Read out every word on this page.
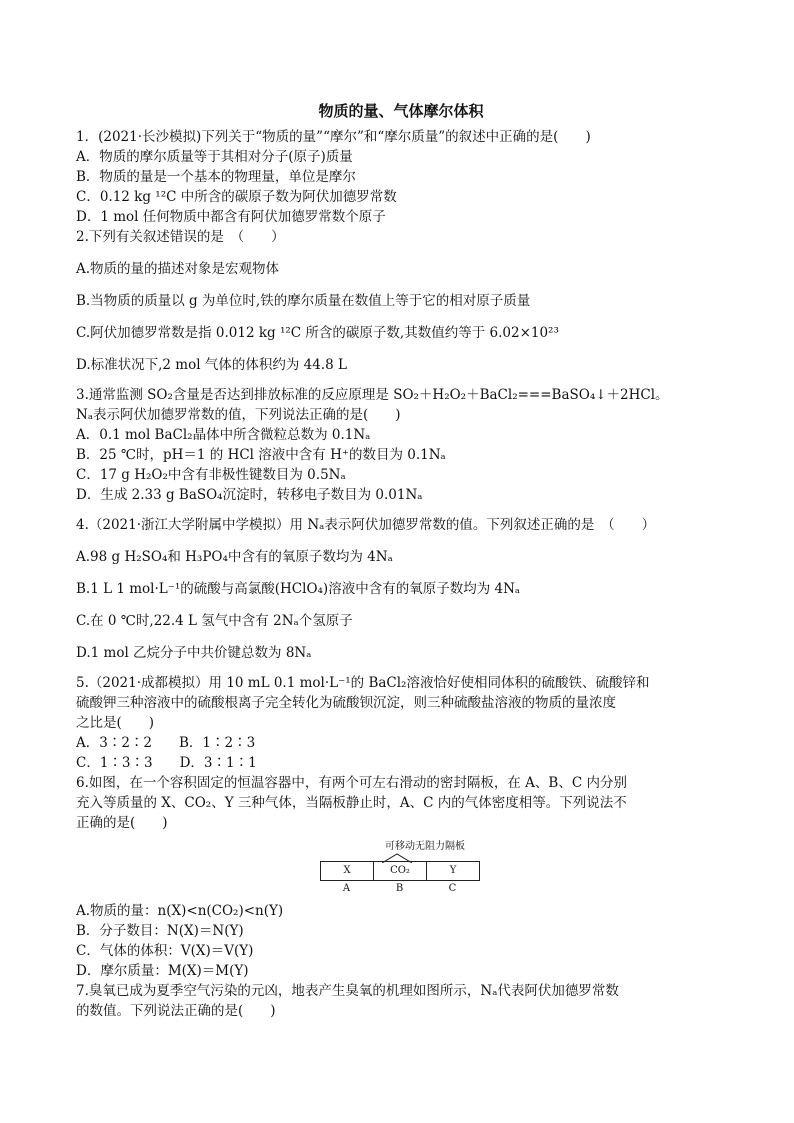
物质的量、气体摩尔体积
1．(2021·长沙模拟)下列关于“物质的量”“摩尔”和“摩尔质量”的叙述中正确的是(　　)
A．物质的摩尔质量等于其相对分子(原子)质量
B．物质的量是一个基本的物理量，单位是摩尔
C．0.12 kg ¹²C 中所含的碳原子数为阿伏加德罗常数
D．1 mol 任何物质中都含有阿伏加德罗常数个原子
2.下列有关叙述错误的是　（　　）
A.物质的量的描述对象是宏观物体
B.当物质的质量以 g 为单位时,铁的摩尔质量在数值上等于它的相对原子质量
C.阿伏加德罗常数是指 0.012 kg ¹²C 所含的碳原子数,其数值约等于 6.02×10²³
D.标准状况下,2 mol 气体的体积约为 44.8 L
3.通常监测 SO₂含量是否达到排放标准的反应原理是 SO₂＋H₂O₂＋BaCl₂===BaSO₄↓＋2HCl。
Nₐ表示阿伏加德罗常数的值，下列说法正确的是(　　)
A．0.1 mol BaCl₂晶体中所含微粒总数为 0.1Nₐ
B．25 ℃时，pH＝1 的 HCl 溶液中含有 H⁺的数目为 0.1Nₐ
C．17 g H₂O₂中含有非极性键数目为 0.5Nₐ
D．生成 2.33 g BaSO₄沉淀时，转移电子数目为 0.01Nₐ
4.（2021·浙江大学附属中学模拟）用 Nₐ表示阿伏加德罗常数的值。下列叙述正确的是　（　　）
A.98 g H₂SO₄和 H₃PO₄中含有的氧原子数均为 4Nₐ
B.1 L 1 mol·L⁻¹的硫酸与高氯酸(HClO₄)溶液中含有的氧原子数均为 4Nₐ
C.在 0 ℃时,22.4 L 氢气中含有 2Nₐ个氢原子
D.1 mol 乙烷分子中共价键总数为 8Nₐ
5.（2021·成都模拟）用 10 mL 0.1 mol·L⁻¹的 BaCl₂溶液恰好使相同体积的硫酸铁、硫酸锌和
硫酸钾三种溶液中的硫酸根离子完全转化为硫酸钡沉淀，则三种硫酸盐溶液的物质的量浓度
之比是(　　)
A．3∶2∶2　　B．1∶2∶3
C．1∶3∶3　　D．3∶1∶1
6.如图，在一个容积固定的恒温容器中，有两个可左右滑动的密封隔板，在 A、B、C 内分别
充入等质量的 X、CO₂、Y 三种气体，当隔板静止时，A、C 内的气体密度相等。下列说法不
正确的是(　　)
可移动无阻力隔板
X	CO₂	Y
A	B	C
A.物质的量：n(X)<n(CO₂)<n(Y)
B．分子数目：N(X)＝N(Y)
C．气体的体积：V(X)＝V(Y)
D．摩尔质量：M(X)＝M(Y)
7.臭氧已成为夏季空气污染的元凶，地表产生臭氧的机理如图所示，Nₐ代表阿伏加德罗常数
的数值。下列说法正确的是(　　)
